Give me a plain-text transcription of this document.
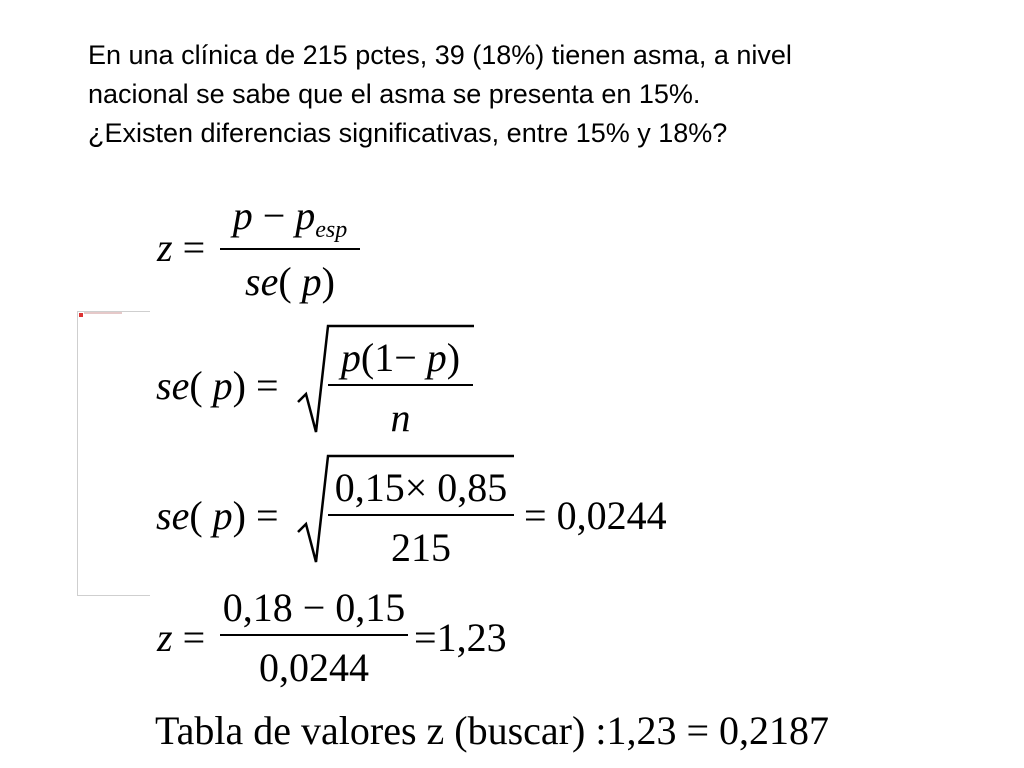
En una clínica de 215 pctes, 39 (18%) tienen asma, a nivel
nacional se sabe que el asma se presenta en 15%.
¿Existen diferencias significativas, entre 15% y 18%?

z =
$p - p_{esp}$
se( p)
se( p) =
p(1− p)
n
se( p) =
0,15× 0,85
215
= 0,0244
z =
0,18 − 0,15
0,0244
=1,23
Tabla de valores z (buscar) :1,23 = 0,2187
